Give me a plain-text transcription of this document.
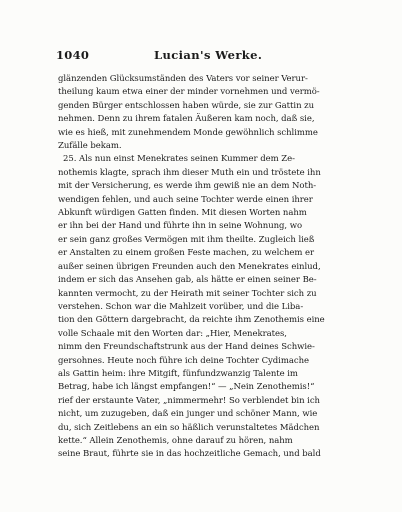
1040	Lucian's Werke.
glänzenden Glücksumständen des Vaters vor seiner Verur-
theilung kaum etwa einer der minder vornehmen und vermö-
genden Bürger entschlossen haben würde, sie zur Gattin zu
nehmen. Denn zu ihrem fatalen Äußeren kam noch, daß sie,
wie es hieß, mit zunehmendem Monde gewöhnlich schlimme
Zufälle bekam.
25. Als nun einst Menekrates seinen Kummer dem Ze-
nothemis klagte, sprach ihm dieser Muth ein und tröstete ihn
mit der Versicherung, es werde ihm gewiß nie an dem Noth-
wendigen fehlen, und auch seine Tochter werde einen ihrer
Abkunft würdigen Gatten finden. Mit diesen Worten nahm
er ihn bei der Hand und führte ihn in seine Wohnung, wo
er sein ganz großes Vermögen mit ihm theilte. Zugleich ließ
er Anstalten zu einem großen Feste machen, zu welchem er
außer seinen übrigen Freunden auch den Menekrates einlud,
indem er sich das Ansehen gab, als hätte er einen seiner Be-
kannten vermocht, zu der Heirath mit seiner Tochter sich zu
verstehen. Schon war die Mahlzeit vorüber, und die Liba-
tion den Göttern dargebracht, da reichte ihm Zenothemis eine
volle Schaale mit den Worten dar: „Hier, Menekrates,
nimm den Freundschaftstrunk aus der Hand deines Schwie-
gersohnes. Heute noch führe ich deine Tochter Cydimache
als Gattin heim: ihre Mitgift, fünfundzwanzig Talente im
Betrag, habe ich längst empfangen!“ — „Nein Zenothemis!“
rief der erstaunte Vater, „nimmermehr! So verblendet bin ich
nicht, um zuzugeben, daß ein junger und schöner Mann, wie
du, sich Zeitlebens an ein so häßlich verunstaltetes Mädchen
kette.“ Allein Zenothemis, ohne darauf zu hören, nahm
seine Braut, führte sie in das hochzeitliche Gemach, und bald
